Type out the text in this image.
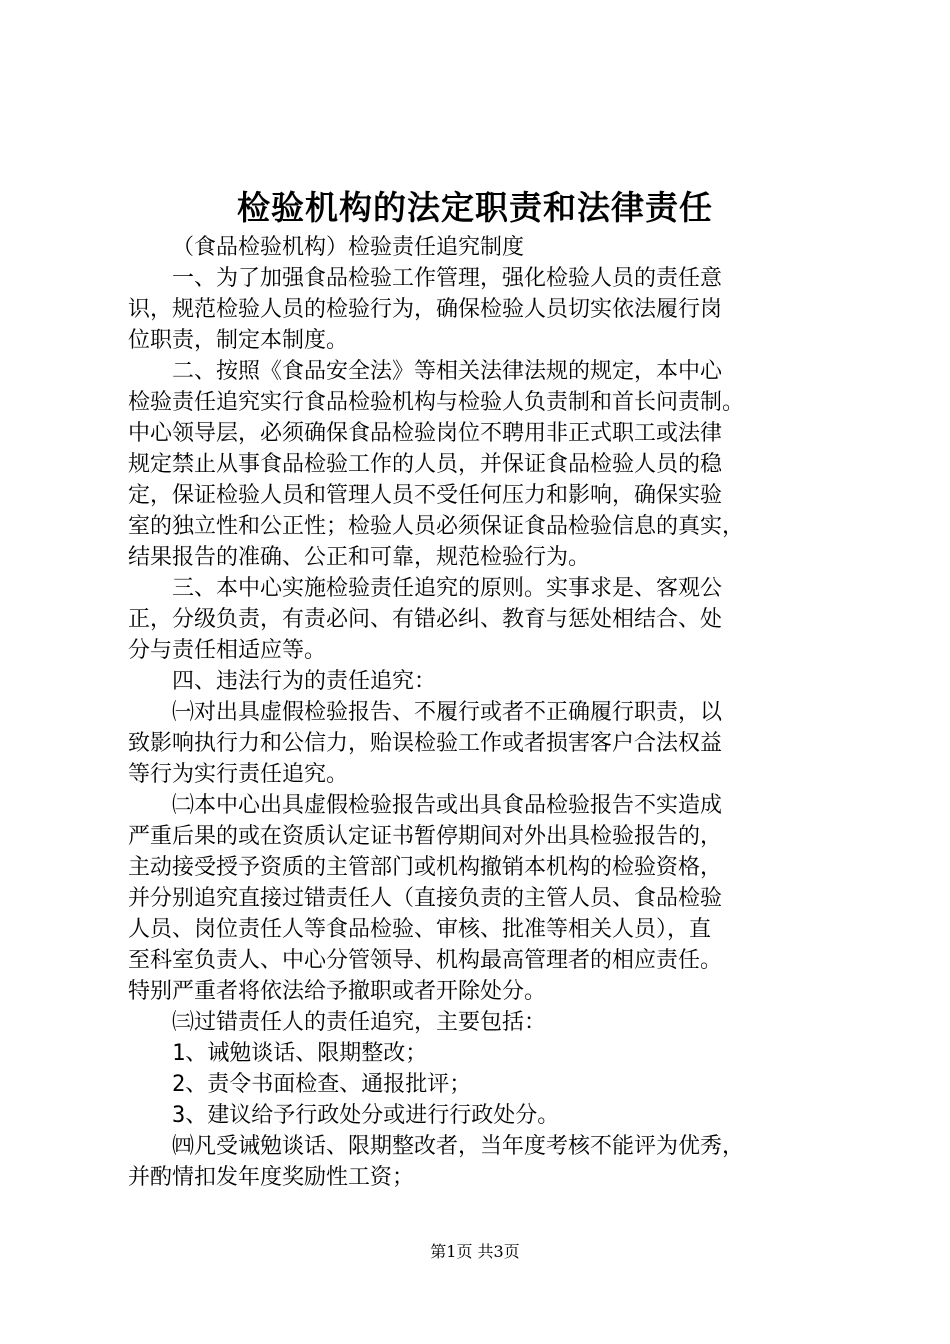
检验机构的法定职责和法律责任
（食品检验机构）检验责任追究制度
一、为了加强食品检验工作管理，强化检验人员的责任意
识，规范检验人员的检验行为，确保检验人员切实依法履行岗
位职责，制定本制度。
二、按照《食品安全法》等相关法律法规的规定，本中心
检验责任追究实行食品检验机构与检验人负责制和首长问责制。
中心领导层，必须确保食品检验岗位不聘用非正式职工或法律
规定禁止从事食品检验工作的人员，并保证食品检验人员的稳
定，保证检验人员和管理人员不受任何压力和影响，确保实验
室的独立性和公正性；检验人员必须保证食品检验信息的真实，
结果报告的准确、公正和可靠，规范检验行为。
三、本中心实施检验责任追究的原则。实事求是、客观公
正，分级负责，有责必问、有错必纠、教育与惩处相结合、处
分与责任相适应等。
四、违法行为的责任追究：
㈠对出具虚假检验报告、不履行或者不正确履行职责，以
致影响执行力和公信力，贻误检验工作或者损害客户合法权益
等行为实行责任追究。
㈡本中心出具虚假检验报告或出具食品检验报告不实造成
严重后果的或在资质认定证书暂停期间对外出具检验报告的，
主动接受授予资质的主管部门或机构撤销本机构的检验资格，
并分别追究直接过错责任人（直接负责的主管人员、食品检验
人员、岗位责任人等食品检验、审核、批准等相关人员），直
至科室负责人、中心分管领导、机构最高管理者的相应责任。
特别严重者将依法给予撤职或者开除处分。
㈢过错责任人的责任追究，主要包括：
1、诫勉谈话、限期整改；
2、责令书面检查、通报批评；
3、建议给予行政处分或进行行政处分。
㈣凡受诫勉谈话、限期整改者，当年度考核不能评为优秀，
并酌情扣发年度奖励性工资；
第1页 共3页
